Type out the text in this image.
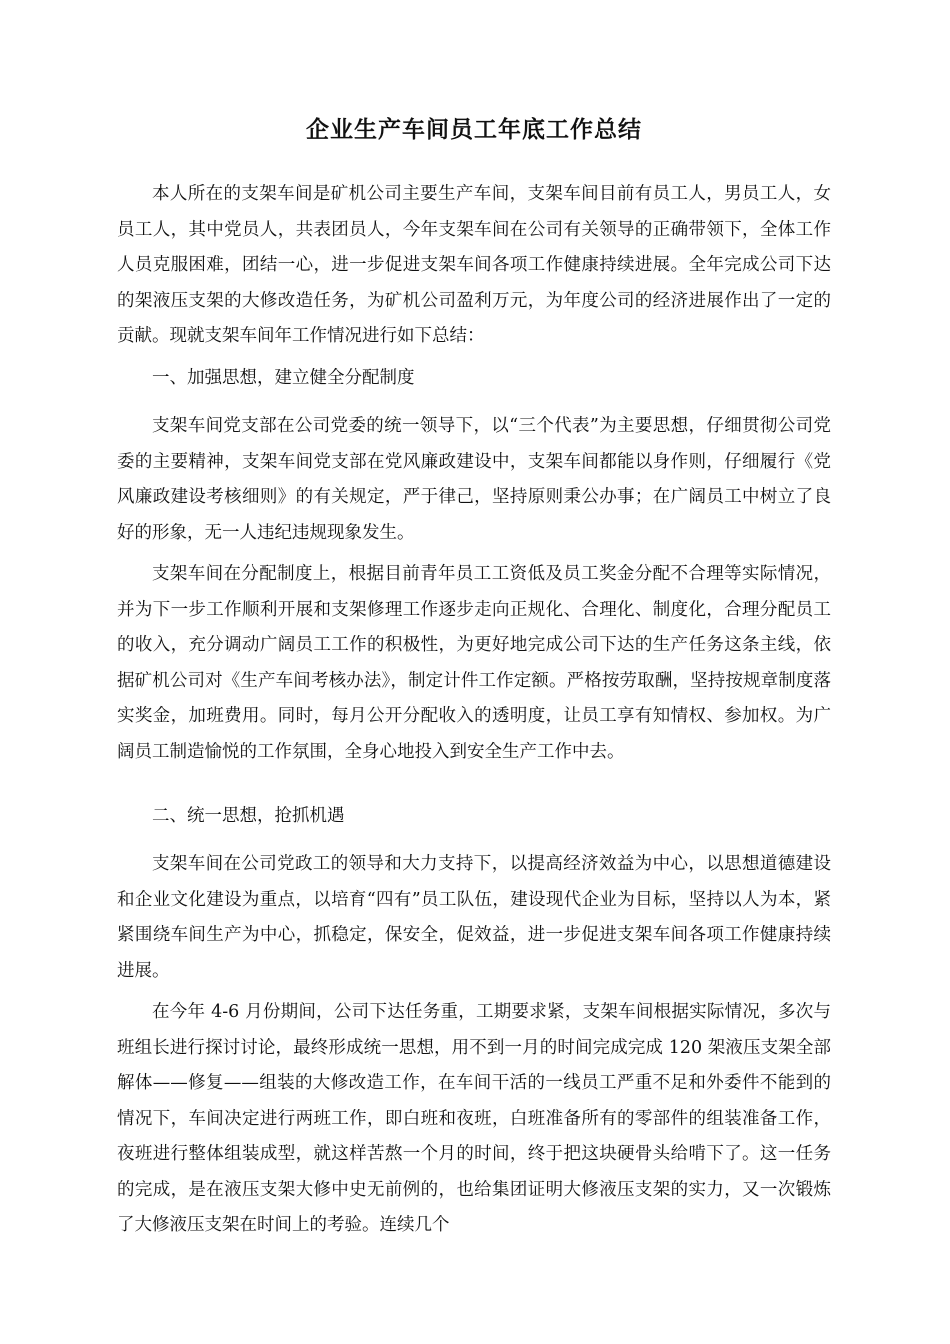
企业生产车间员工年底工作总结

本人所在的支架车间是矿机公司主要生产车间，支架车间目前有员工人，男员工人，女员工人，其中党员人，共表团员人，今年支架车间在公司有关领导的正确带领下，全体工作人员克服困难，团结一心，进一步促进支架车间各项工作健康持续进展。全年完成公司下达的架液压支架的大修改造任务，为矿机公司盈利万元，为年度公司的经济进展作出了一定的贡献。现就支架车间年工作情况进行如下总结：

一、加强思想，建立健全分配制度

支架车间党支部在公司党委的统一领导下，以“三个代表”为主要思想，仔细贯彻公司党委的主要精神，支架车间党支部在党风廉政建设中，支架车间都能以身作则，仔细履行《党风廉政建设考核细则》的有关规定，严于律己，坚持原则秉公办事；在广阔员工中树立了良好的形象，无一人违纪违规现象发生。

支架车间在分配制度上，根据目前青年员工工资低及员工奖金分配不合理等实际情况，并为下一步工作顺利开展和支架修理工作逐步走向正规化、合理化、制度化，合理分配员工的收入，充分调动广阔员工工作的积极性，为更好地完成公司下达的生产任务这条主线，依据矿机公司对《生产车间考核办法》，制定计件工作定额。严格按劳取酬，坚持按规章制度落实奖金，加班费用。同时，每月公开分配收入的透明度，让员工享有知情权、参加权。为广阔员工制造愉悦的工作氛围，全身心地投入到安全生产工作中去。

二、统一思想，抢抓机遇

支架车间在公司党政工的领导和大力支持下，以提高经济效益为中心，以思想道德建设和企业文化建设为重点，以培育“四有”员工队伍，建设现代企业为目标，坚持以人为本，紧紧围绕车间生产为中心，抓稳定，保安全，促效益，进一步促进支架车间各项工作健康持续进展。

在今年 4-6 月份期间，公司下达任务重，工期要求紧，支架车间根据实际情况，多次与班组长进行探讨讨论，最终形成统一思想，用不到一月的时间完成完成 120 架液压支架全部解体——修复——组装的大修改造工作，在车间干活的一线员工严重不足和外委件不能到的情况下，车间决定进行两班工作，即白班和夜班，白班准备所有的零部件的组装准备工作，夜班进行整体组装成型，就这样苦熬一个月的时间，终于把这块硬骨头给啃下了。这一任务的完成，是在液压支架大修中史无前例的，也给集团证明大修液压支架的实力，又一次锻炼了大修液压支架在时间上的考验。连续几个
